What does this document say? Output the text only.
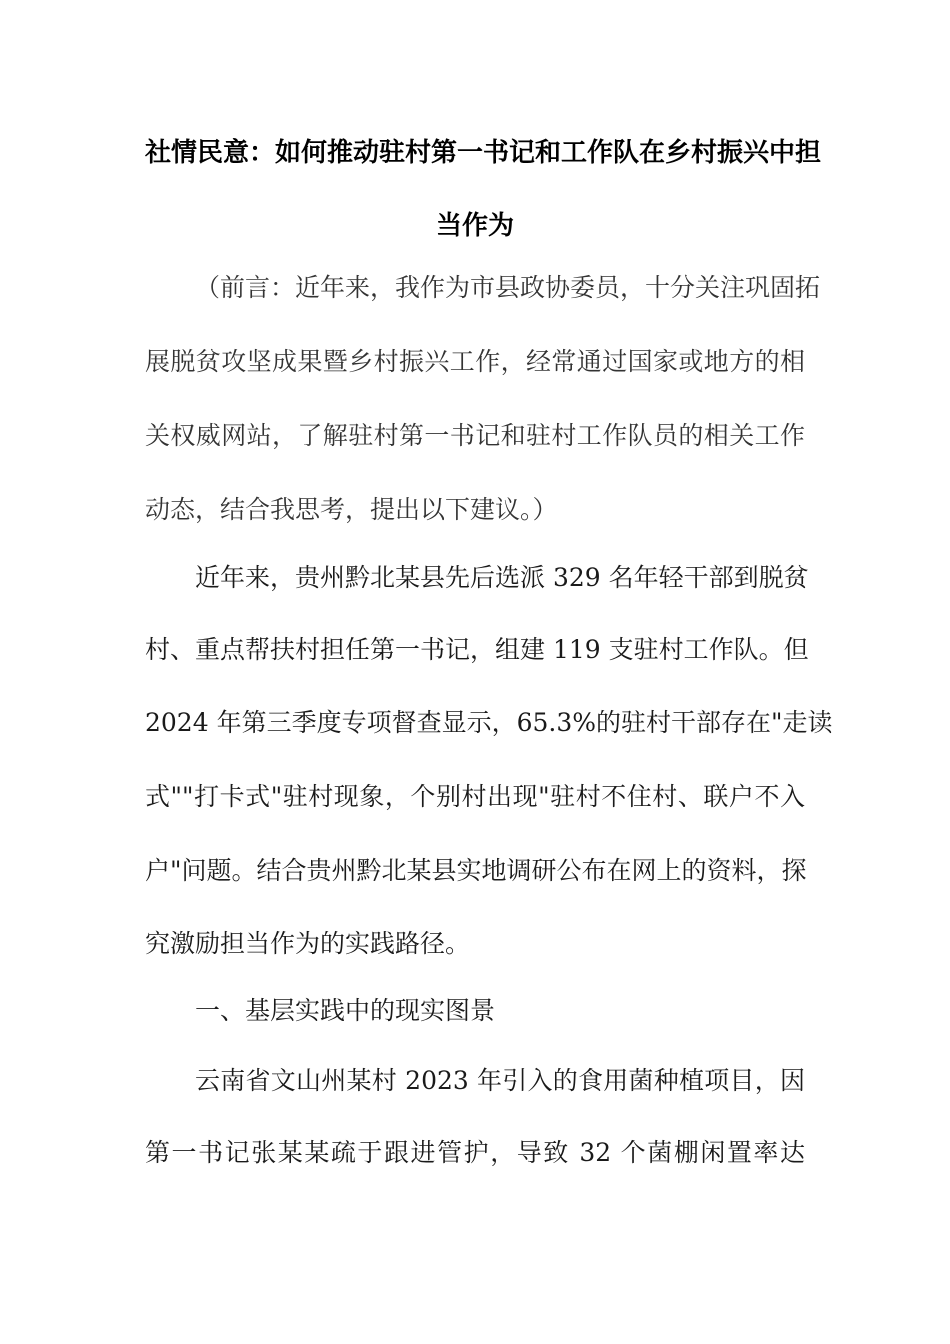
社情民意：如何推动驻村第一书记和工作队在乡村振兴中担
当作为
（前言：近年来，我作为市县政协委员，十分关注巩固拓
展脱贫攻坚成果暨乡村振兴工作，经常通过国家或地方的相
关权威网站，了解驻村第一书记和驻村工作队员的相关工作
动态，结合我思考，提出以下建议。）
近年来，贵州黔北某县先后选派 329 名年轻干部到脱贫
村、重点帮扶村担任第一书记，组建 119 支驻村工作队。但
2024 年第三季度专项督查显示，65.3%的驻村干部存在"走读
式""打卡式"驻村现象，个别村出现"驻村不住村、联户不入
户"问题。结合贵州黔北某县实地调研公布在网上的资料，探
究激励担当作为的实践路径。
一、基层实践中的现实图景
云南省文山州某村 2023 年引入的食用菌种植项目，因
第一书记张某某疏于跟进管护，导致 32 个菌棚闲置率达
